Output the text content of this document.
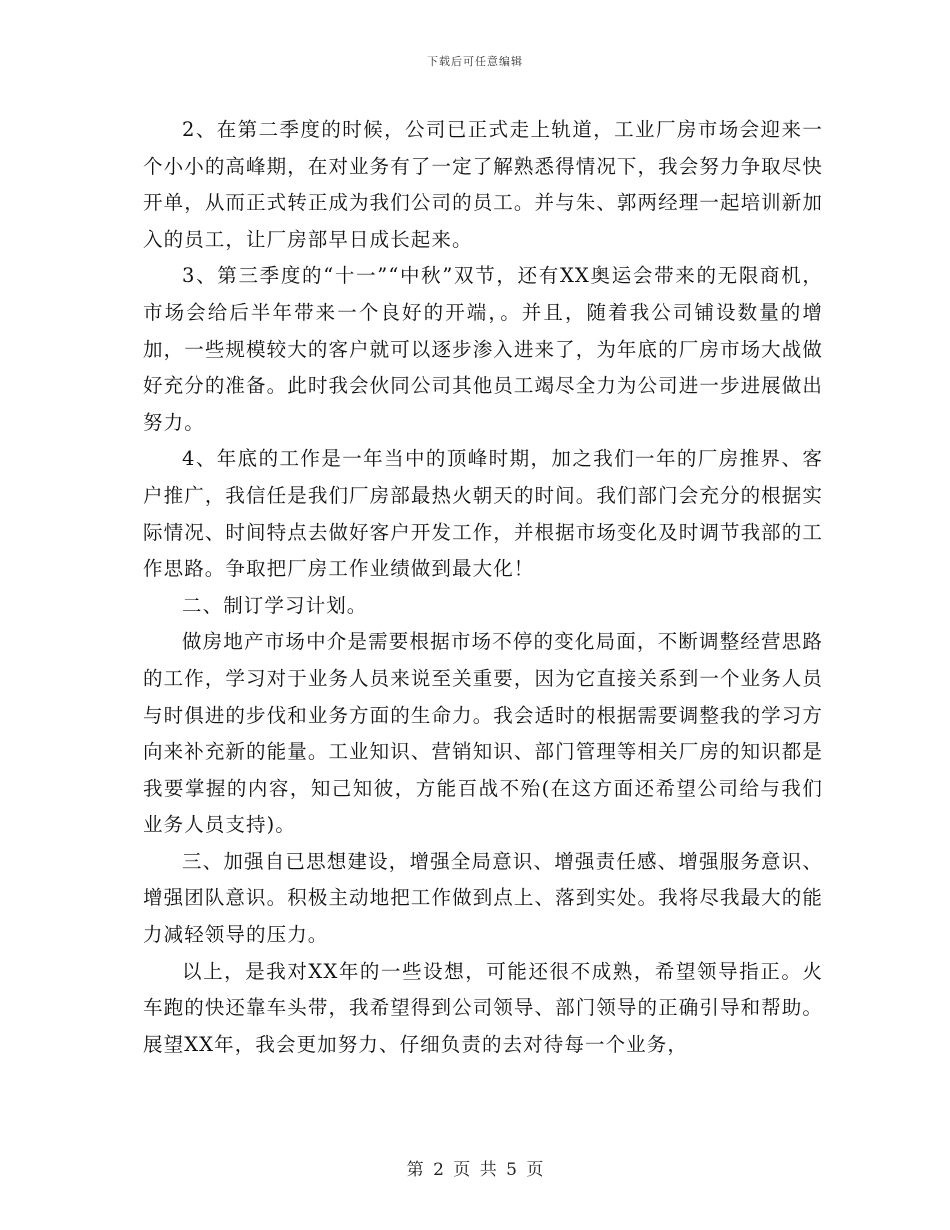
下载后可任意编辑

2、在第二季度的时候，公司已正式走上轨道，工业厂房市场会迎来一个小小的高峰期，在对业务有了一定了解熟悉得情况下，我会努力争取尽快开单，从而正式转正成为我们公司的员工。并与朱、郭两经理一起培训新加入的员工，让厂房部早日成长起来。

3、第三季度的“十一”“中秋”双节，还有XX奥运会带来的无限商机，市场会给后半年带来一个良好的开端，。并且，随着我公司铺设数量的增加，一些规模较大的客户就可以逐步渗入进来了，为年底的厂房市场大战做好充分的准备。此时我会伙同公司其他员工竭尽全力为公司进一步进展做出努力。

4、年底的工作是一年当中的顶峰时期，加之我们一年的厂房推界、客户推广，我信任是我们厂房部最热火朝天的时间。我们部门会充分的根据实际情况、时间特点去做好客户开发工作，并根据市场变化及时调节我部的工作思路。争取把厂房工作业绩做到最大化！

二、制订学习计划。

做房地产市场中介是需要根据市场不停的变化局面，不断调整经营思路的工作，学习对于业务人员来说至关重要，因为它直接关系到一个业务人员与时俱进的步伐和业务方面的生命力。我会适时的根据需要调整我的学习方向来补充新的能量。工业知识、营销知识、部门管理等相关厂房的知识都是我要掌握的内容，知己知彼，方能百战不殆(在这方面还希望公司给与我们业务人员支持)。

三、加强自已思想建设，增强全局意识、增强责任感、增强服务意识、增强团队意识。积极主动地把工作做到点上、落到实处。我将尽我最大的能力减轻领导的压力。

以上，是我对XX年的一些设想，可能还很不成熟，希望领导指正。火车跑的快还靠车头带，我希望得到公司领导、部门领导的正确引导和帮助。展望XX年，我会更加努力、仔细负责的去对待每一个业务，

第 2 页 共 5 页
